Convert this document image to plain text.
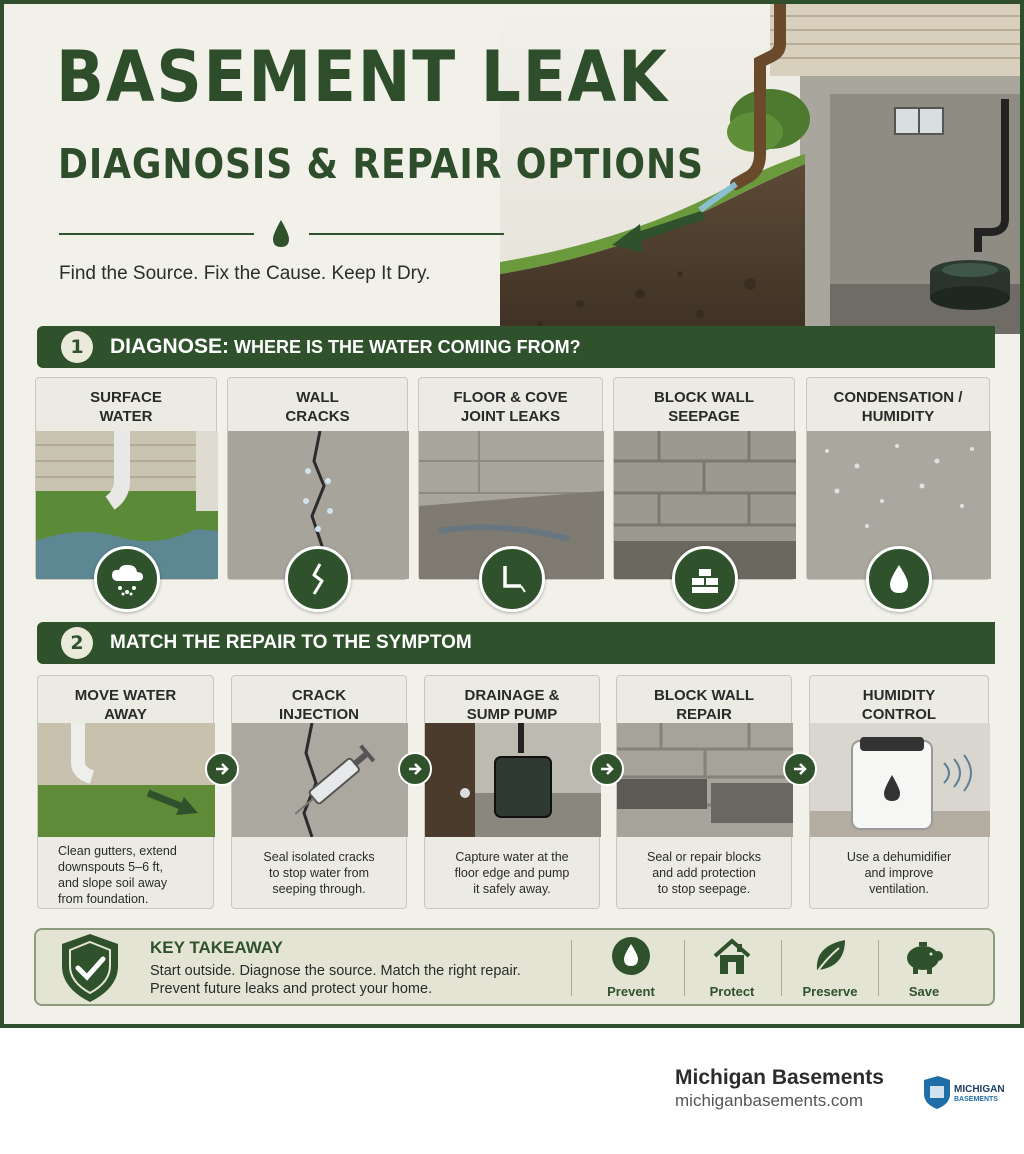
BASEMENT LEAK
DIAGNOSIS & REPAIR OPTIONS
Find the Source. Fix the Cause. Keep It Dry.
1	DIAGNOSE: WHERE IS THE WATER COMING FROM?
SURFACE
WATER
WALL
CRACKS
FLOOR & COVE
JOINT LEAKS
BLOCK WALL
SEEPAGE
CONDENSATION /
HUMIDITY
2	MATCH THE REPAIR TO THE SYMPTOM
MOVE WATER
AWAY
Clean gutters, extend
downspouts 5–6 ft,
and slope soil away
from foundation.
CRACK
INJECTION
Seal isolated cracks
to stop water from
seeping through.
DRAINAGE &
SUMP PUMP
Capture water at the
floor edge and pump
it safely away.
BLOCK WALL
REPAIR
Seal or repair blocks
and add protection
to stop seepage.
HUMIDITY
CONTROL
Use a dehumidifier
and improve
ventilation.
KEY TAKEAWAY
Start outside. Diagnose the source. Match the right repair.
Prevent future leaks and protect your home.	Prevent	Protect	Preserve	Save
Michigan Basements
michiganbasements.com
MICHIGAN
BASEMENTS
